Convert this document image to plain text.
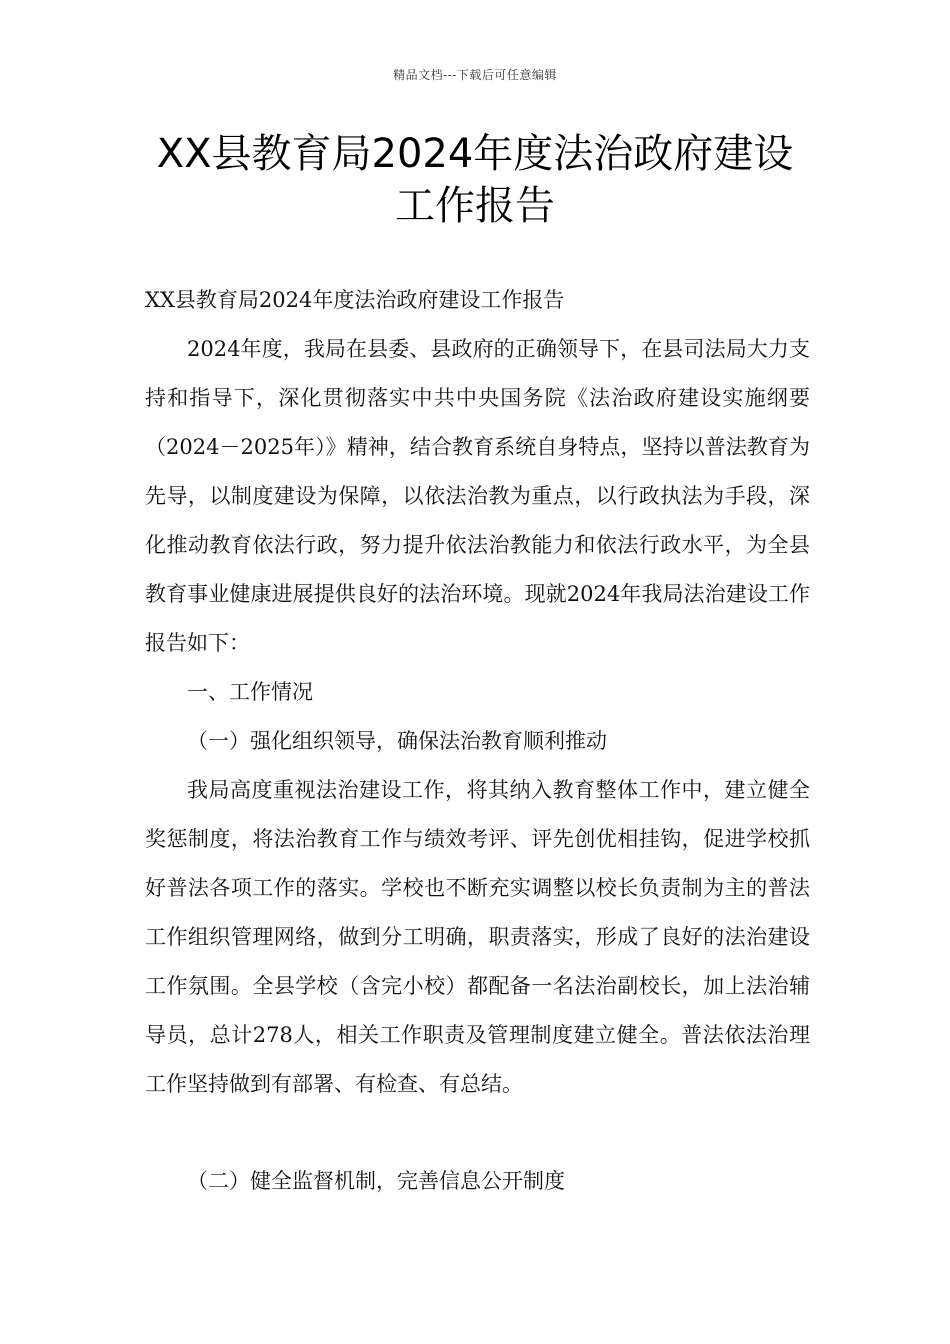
精品文档---下载后可任意编辑
XX县教育局2024年度法治政府建设工作报告

XX县教育局2024年度法治政府建设工作报告

2024年度，我局在县委、县政府的正确领导下，在县司法局大力支持和指导下，深化贯彻落实中共中央国务院《法治政府建设实施纲要（2024－2025年）》精神，结合教育系统自身特点，坚持以普法教育为先导，以制度建设为保障，以依法治教为重点，以行政执法为手段，深化推动教育依法行政，努力提升依法治教能力和依法行政水平，为全县教育事业健康进展提供良好的法治环境。现就2024年我局法治建设工作报告如下：

一、工作情况

（一）强化组织领导，确保法治教育顺利推动

我局高度重视法治建设工作，将其纳入教育整体工作中，建立健全奖惩制度，将法治教育工作与绩效考评、评先创优相挂钩，促进学校抓好普法各项工作的落实。学校也不断充实调整以校长负责制为主的普法工作组织管理网络，做到分工明确，职责落实，形成了良好的法治建设工作氛围。全县学校（含完小校）都配备一名法治副校长，加上法治辅导员，总计278人，相关工作职责及管理制度建立健全。普法依法治理工作坚持做到有部署、有检查、有总结。

（二）健全监督机制，完善信息公开制度
